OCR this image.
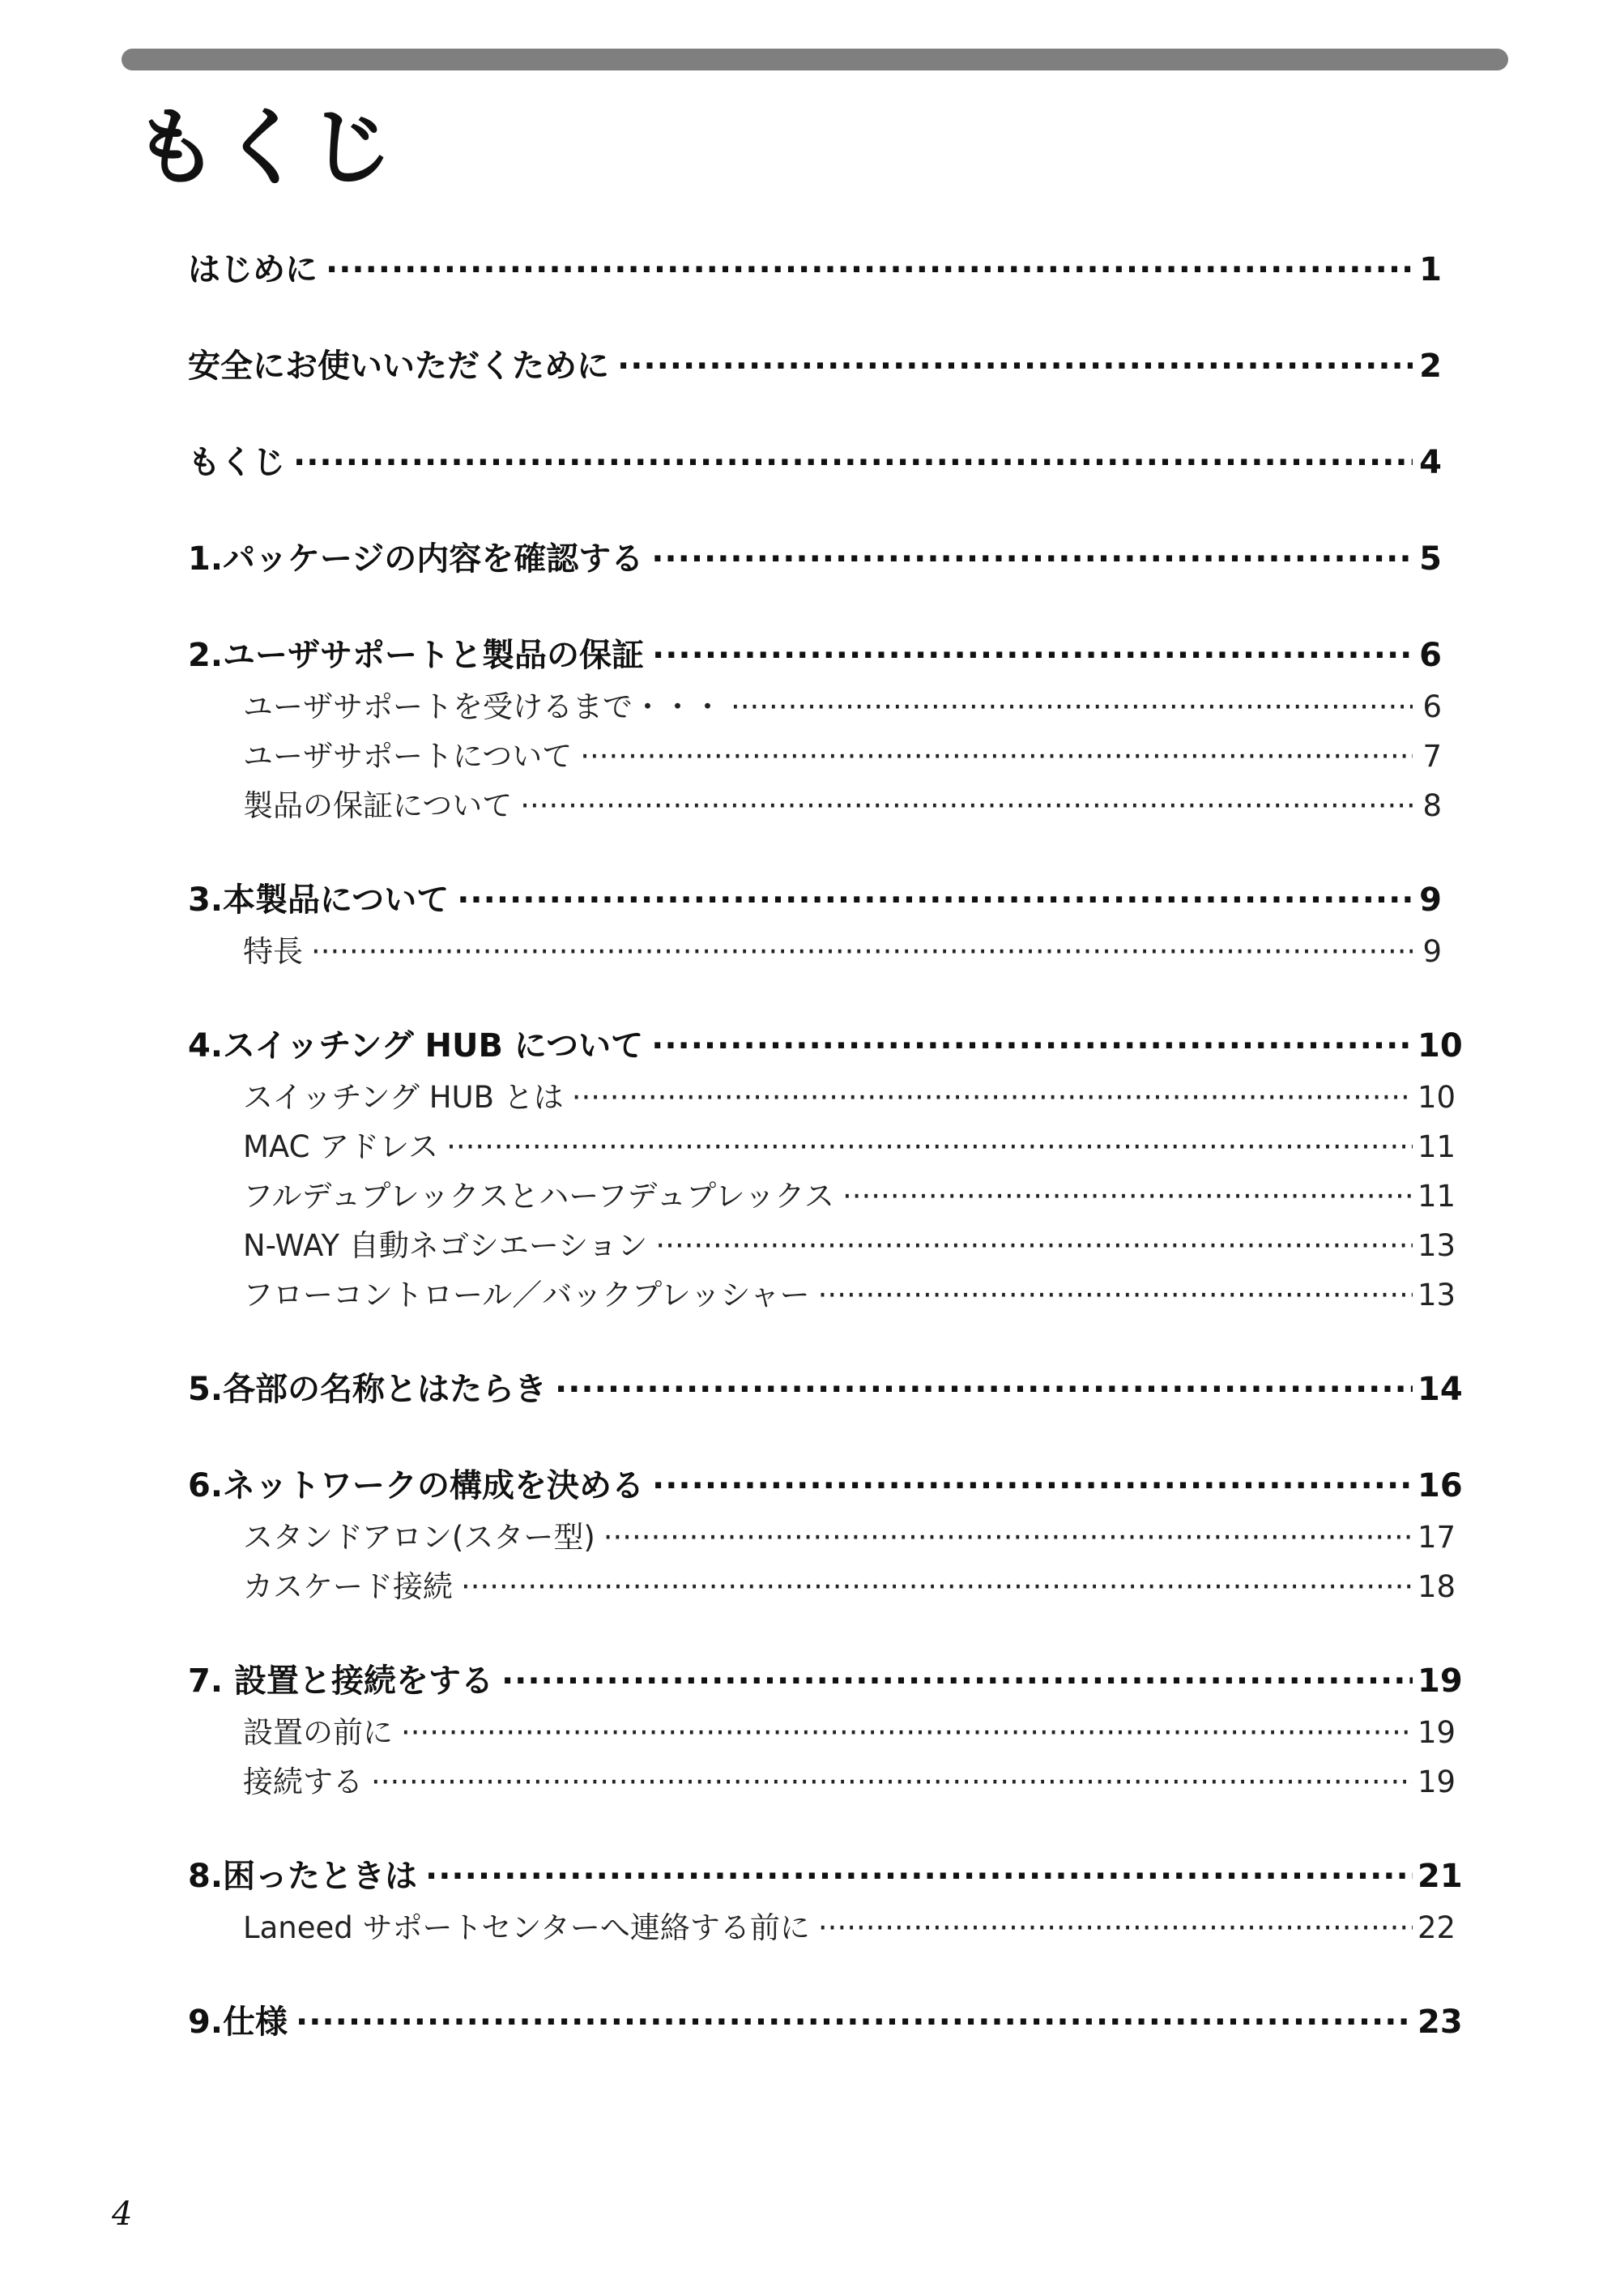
もくじ
はじめに ·····	1
安全にお使いいただくために ·····	2
もくじ ·····	4
1.パッケージの内容を確認する ·····	5
2.ユーザサポートと製品の保証 ·····	6
ユーザサポートを受けるまで・・・ ·····	6
ユーザサポートについて ·····	7
製品の保証について ·····	8
3.本製品について ·····	9
特長 ·····	9
4.スイッチング HUB について ·····	10
スイッチング HUB とは ·····	10
MAC アドレス ·····	11
フルデュプレックスとハーフデュプレックス ·····	11
N-WAY 自動ネゴシエーション ·····	13
フローコントロール／バックプレッシャー ·····	13
5.各部の名称とはたらき ·····	14
6.ネットワークの構成を決める ·····	16
スタンドアロン(スター型) ·····	17
カスケード接続 ·····	18
7. 設置と接続をする ·····	19
設置の前に ·····	19
接続する ·····	19
8.困ったときは ·····	21
Laneed サポートセンターへ連絡する前に ·····	22
9.仕様 ·····	23

4
